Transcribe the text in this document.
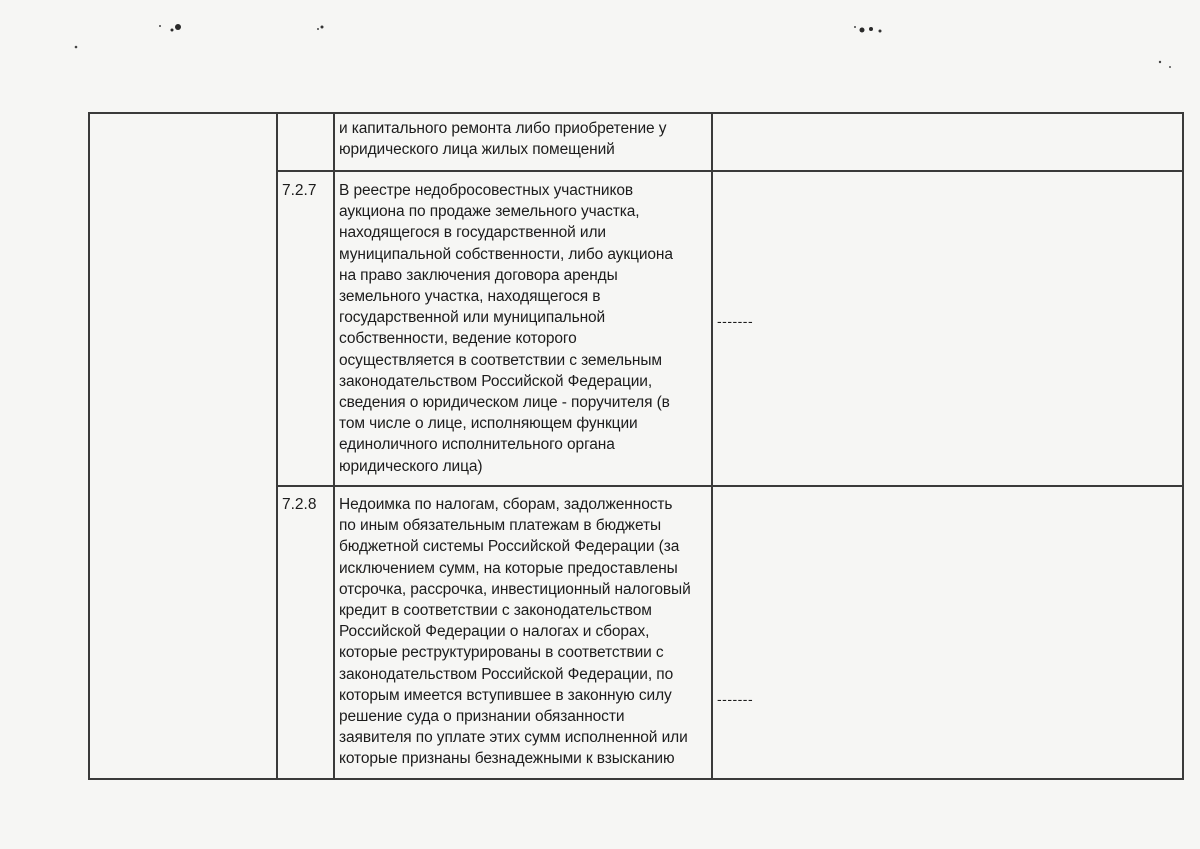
и капитального ремонта либо приобретение у
юридического лица жилых помещений
7.2.7 В реестре недобросовестных участников
аукциона по продаже земельного участка,
находящегося в государственной или
муниципальной собственности, либо аукциона
на право заключения договора аренды
земельного участка, находящегося в
государственной или муниципальной
собственности, ведение которого
осуществляется в соответствии с земельным
законодательством Российской Федерации,
сведения о юридическом лице - поручителя (в
том числе о лице, исполняющем функции
единоличного исполнительного органа
юридического лица)
-------
7.2.8 Недоимка по налогам, сборам, задолженность
по иным обязательным платежам в бюджеты
бюджетной системы Российской Федерации (за
исключением сумм, на которые предоставлены
отсрочка, рассрочка, инвестиционный налоговый
кредит в соответствии с законодательством
Российской Федерации о налогах и сборах,
которые реструктурированы в соответствии с
законодательством Российской Федерации, по
которым имеется вступившее в законную силу
решение суда о признании обязанности
заявителя по уплате этих сумм исполненной или
которые признаны безнадежными к взысканию
-------
